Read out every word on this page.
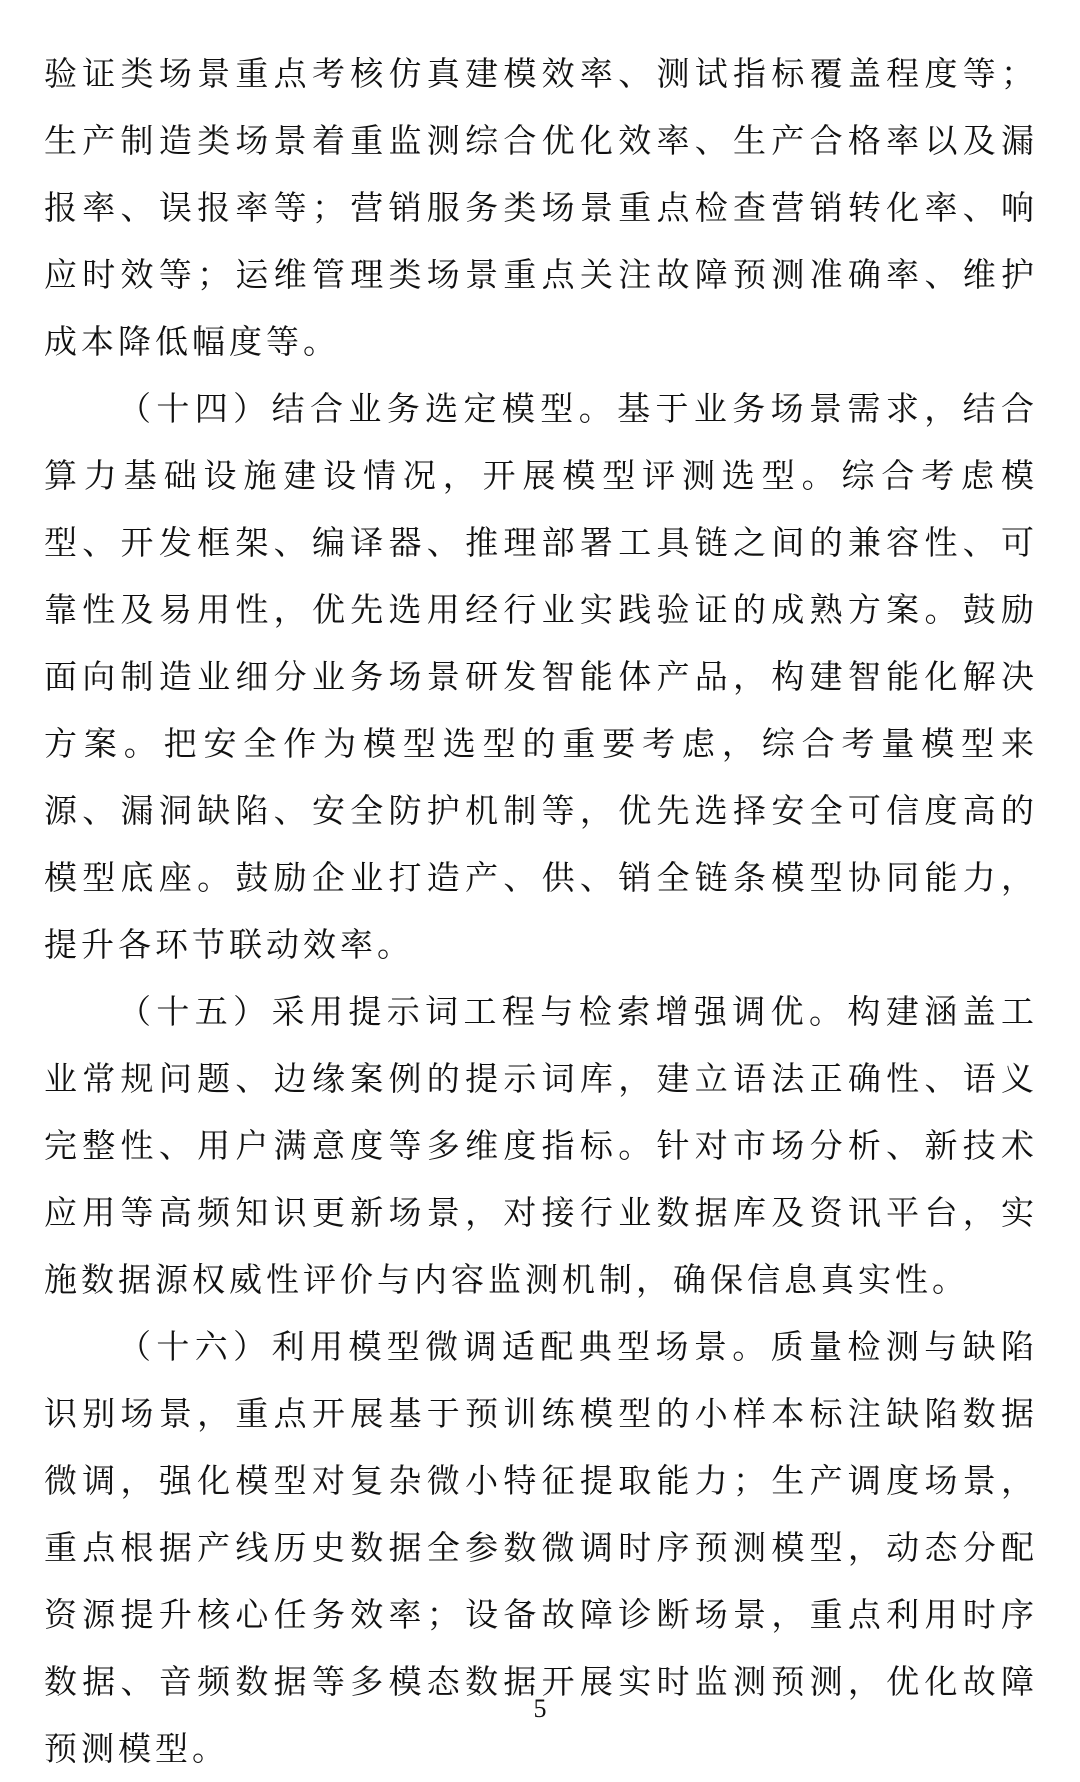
验证类场景重点考核仿真建模效率、测试指标覆盖程度等；生产制造类场景着重监测综合优化效率、生产合格率以及漏报率、误报率等；营销服务类场景重点检查营销转化率、响应时效等；运维管理类场景重点关注故障预测准确率、维护成本降低幅度等。

（十四）结合业务选定模型。基于业务场景需求，结合算力基础设施建设情况，开展模型评测选型。综合考虑模型、开发框架、编译器、推理部署工具链之间的兼容性、可靠性及易用性，优先选用经行业实践验证的成熟方案。鼓励面向制造业细分业务场景研发智能体产品，构建智能化解决方案。把安全作为模型选型的重要考虑，综合考量模型来源、漏洞缺陷、安全防护机制等，优先选择安全可信度高的模型底座。鼓励企业打造产、供、销全链条模型协同能力，提升各环节联动效率。

（十五）采用提示词工程与检索增强调优。构建涵盖工业常规问题、边缘案例的提示词库，建立语法正确性、语义完整性、用户满意度等多维度指标。针对市场分析、新技术应用等高频知识更新场景，对接行业数据库及资讯平台，实施数据源权威性评价与内容监测机制，确保信息真实性。

（十六）利用模型微调适配典型场景。质量检测与缺陷识别场景，重点开展基于预训练模型的小样本标注缺陷数据微调，强化模型对复杂微小特征提取能力；生产调度场景，重点根据产线历史数据全参数微调时序预测模型，动态分配资源提升核心任务效率；设备故障诊断场景，重点利用时序数据、音频数据等多模态数据开展实时监测预测，优化故障预测模型。

5
